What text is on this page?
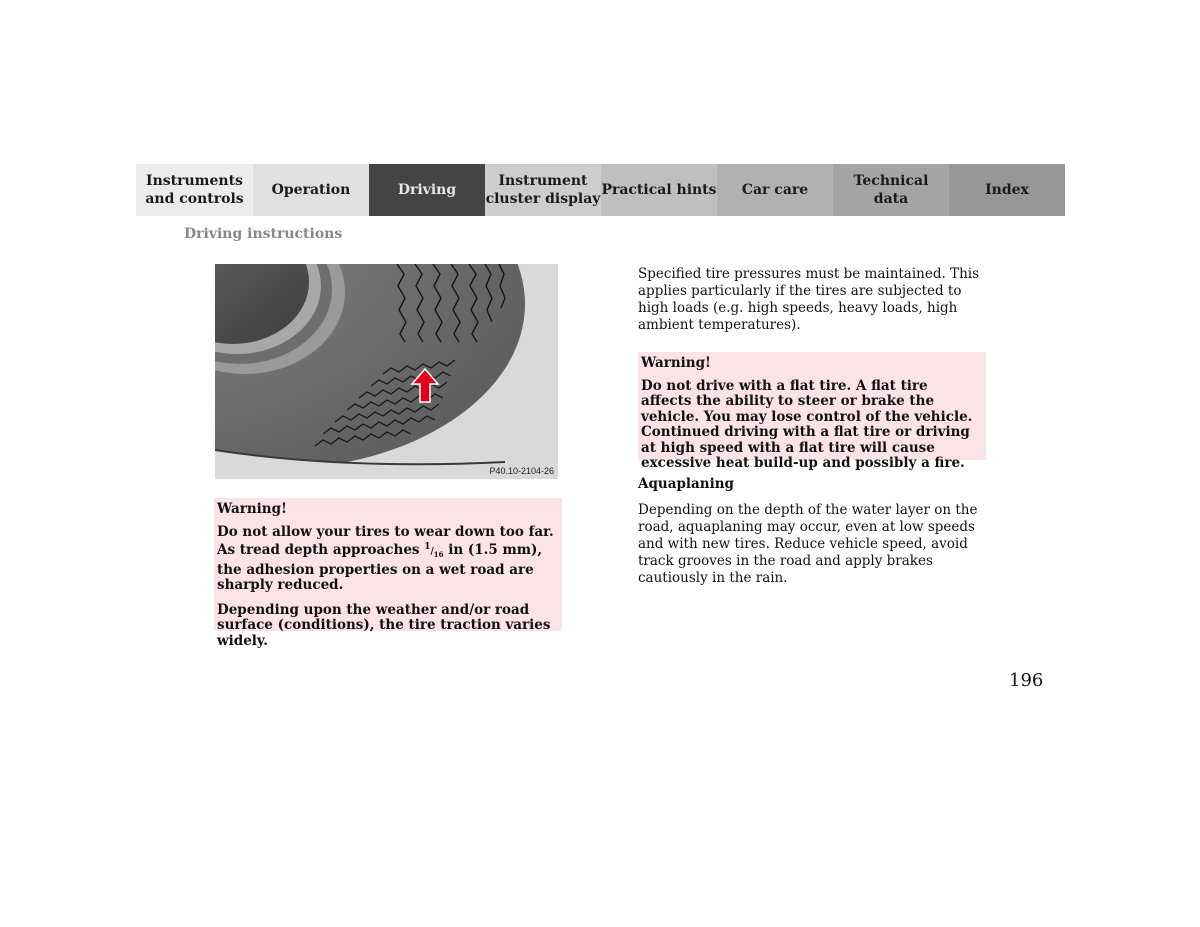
Instruments
and controls
Operation	Driving
Instrument
cluster display
Practical hints Car care
Technical
data
Index
Driving instructions
P40.10-2104-26
Warning!

Do not allow your tires to wear down too far. As tread depth approaches $^1/_{16}$ in (1.5 mm), the adhesion properties on a wet road are sharply reduced.

Depending upon the weather and/or road surface (conditions), the tire traction varies widely.

Specified tire pressures must be maintained. This applies particularly if the tires are subjected to high loads (e.g. high speeds, heavy loads, high ambient temperatures).

Warning!

Do not drive with a flat tire. A flat tire affects the ability to steer or brake the vehicle. You may lose control of the vehicle. Continued driving with a flat tire or driving at high speed with a flat tire will cause excessive heat build-up and possibly a fire.

Aquaplaning

Depending on the depth of the water layer on the road, aquaplaning may occur, even at low speeds and with new tires. Reduce vehicle speed, avoid track grooves in the road and apply brakes cautiously in the rain.

196
